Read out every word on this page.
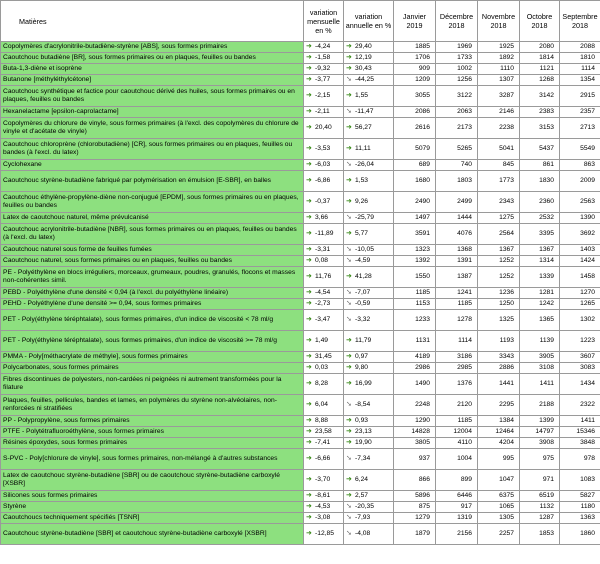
Matières	variation mensuelle en %	variation annuelle en %	Janvier 2019	Décembre 2018	Novembre 2018	Octobre 2018	Septembre 2018
Copolymères d'acrylonitrile-butadiène-styrène [ABS], sous formes primaires	➜ -4,24	➜ 29,40	1885	1969	1925	2080	2088
Caoutchouc butadiène [BR], sous formes primaires ou en plaques, feuilles ou bandes	➜ -1,58	➜ 12,19	1706	1733	1892	1814	1810
Buta-1,3-diène et isoprène	➜ -9,32	➜ 30,43	909	1002	1110	1121	1114
Butanone [méthyléthylcétone]	➜ -3,77	➘ -44,25	1209	1256	1307	1268	1354
Caoutchouc synthétique et factice pour caoutchouc dérivé des huiles, sous formes primaires ou en plaques, feuilles ou bandes	➜ -2,15	➜ 1,55	3055	3122	3287	3142	2915
Hexanelactame [epsilon-caprolactame]	➜ -2,11	➘ -11,47	2086	2063	2146	2383	2357
Copolymères du chlorure de vinyle, sous formes primaires (à l'excl. des copolymères du chlorure de vinyle et d'acétate de vinyle)	➜ 20,40	➜ 56,27	2616	2173	2238	3153	2713
Caoutchouc chloroprène (chlorobutadiène) [CR], sous formes primaires ou en plaques, feuilles ou bandes (à l'excl. du latex)	➜ -3,53	➜ 11,11	5079	5265	5041	5437	5549
Cyclohexane	➜ -6,03	➘ -26,04	689	740	845	861	863
Caoutchouc styrène-butadiène fabriqué par polymérisation en émulsion [E-SBR], en balles	➜ -6,86	➜ 1,53	1680	1803	1773	1830	2009
Caoutchouc éthylène-propylène-diène non-conjugué [EPDM], sous formes primaires ou en plaques, feuilles ou bandes	➜ -0,37	➜ 9,26	2490	2499	2343	2360	2563
Latex de caoutchouc naturel, même prévulcanisé	➜ 3,66	➘ -25,79	1497	1444	1275	2532	1390
Caoutchouc acrylonitrile-butadiène [NBR], sous formes primaires ou en plaques, feuilles ou bandes (à l'excl. du latex)	➜ -11,89	➜ 5,77	3591	4076	2564	3395	3692
Caoutchouc naturel sous forme de feuilles fumées	➜ -3,31	➘ -10,05	1323	1368	1367	1367	1403
Caoutchouc naturel, sous formes primaires ou en plaques, feuilles ou bandes	➜ 0,08	➘ -4,59	1392	1391	1252	1314	1424
PE - Polyéthylène en blocs irréguliers, morceaux, grumeaux, poudres, granulés, flocons et masses non-cohérentes simil.	➜ 11,76	➜ 41,28	1550	1387	1252	1339	1458
PEBD - Polyéthylène d'une densité < 0,94 (à l'excl. du polyéthylène linéaire)	➜ -4,54	➘ -7,07	1185	1241	1236	1281	1270
PEHD - Polyéthylène d'une densité >= 0,94, sous formes primaires	➜ -2,73	➘ -0,59	1153	1185	1250	1242	1265
PET - Poly(éthylène téréphtalate), sous formes primaires, d'un indice de viscosité < 78 ml/g	➜ -3,47	➘ -3,32	1233	1278	1325	1365	1302
PET - Poly(éthylène téréphtalate), sous formes primaires, d'un indice de viscosité >= 78 ml/g	➜ 1,49	➜ 11,79	1131	1114	1193	1139	1223
PMMA - Poly[méthacrylate de méthyle], sous formes primaires	➜ 31,45	➜ 0,97	4189	3186	3343	3905	3607
Polycarbonates, sous formes primaires	➜ 0,03	➜ 9,80	2986	2985	2886	3108	3083
Fibres discontinues de polyesters, non-cardées ni peignées ni autrement transformées pour la filature	➜ 8,28	➜ 16,99	1490	1376	1441	1411	1434
Plaques, feuilles, pellicules, bandes et lames, en polymères du styrène non-alvéolaires, non-renforcées ni stratifiées	➜ 6,04	➘ -8,54	2248	2120	2295	2188	2322
PP - Polypropylène, sous formes primaires	➜ 8,88	➜ 0,93	1290	1185	1384	1399	1411
PTFE - Polytétrafluoroéthylène, sous formes primaires	➜ 23,58	➜ 23,13	14828	12004	12464	14797	15346
Résines époxydes, sous formes primaires	➜ -7,41	➜ 19,90	3805	4110	4204	3908	3848
S-PVC - Poly[chlorure de vinyle], sous formes primaires, non-mélangé à d'autres substances	➜ -6,66	➘ -7,34	937	1004	995	975	978
Latex de caoutchouc styrène-butadiène [SBR] ou de caoutchouc styrène-butadiène carboxylé [XSBR]	➜ -3,70	➜ 6,24	866	899	1047	971	1083
Silicones sous formes primaires	➜ -8,61	➜ 2,57	5896	6446	6375	6519	5827
Styrène	➜ -4,53	➘ -20,35	875	917	1065	1132	1180
Caoutchoucs techniquement spécifiés [TSNR]	➜ -3,08	➘ -7,93	1279	1319	1305	1287	1363
Caoutchouc styrène-butadiène [SBR] et caoutchouc styrène-butadiène carboxylé [XSBR]	➜ -12,85	➘ -4,08	1879	2156	2257	1853	1860
